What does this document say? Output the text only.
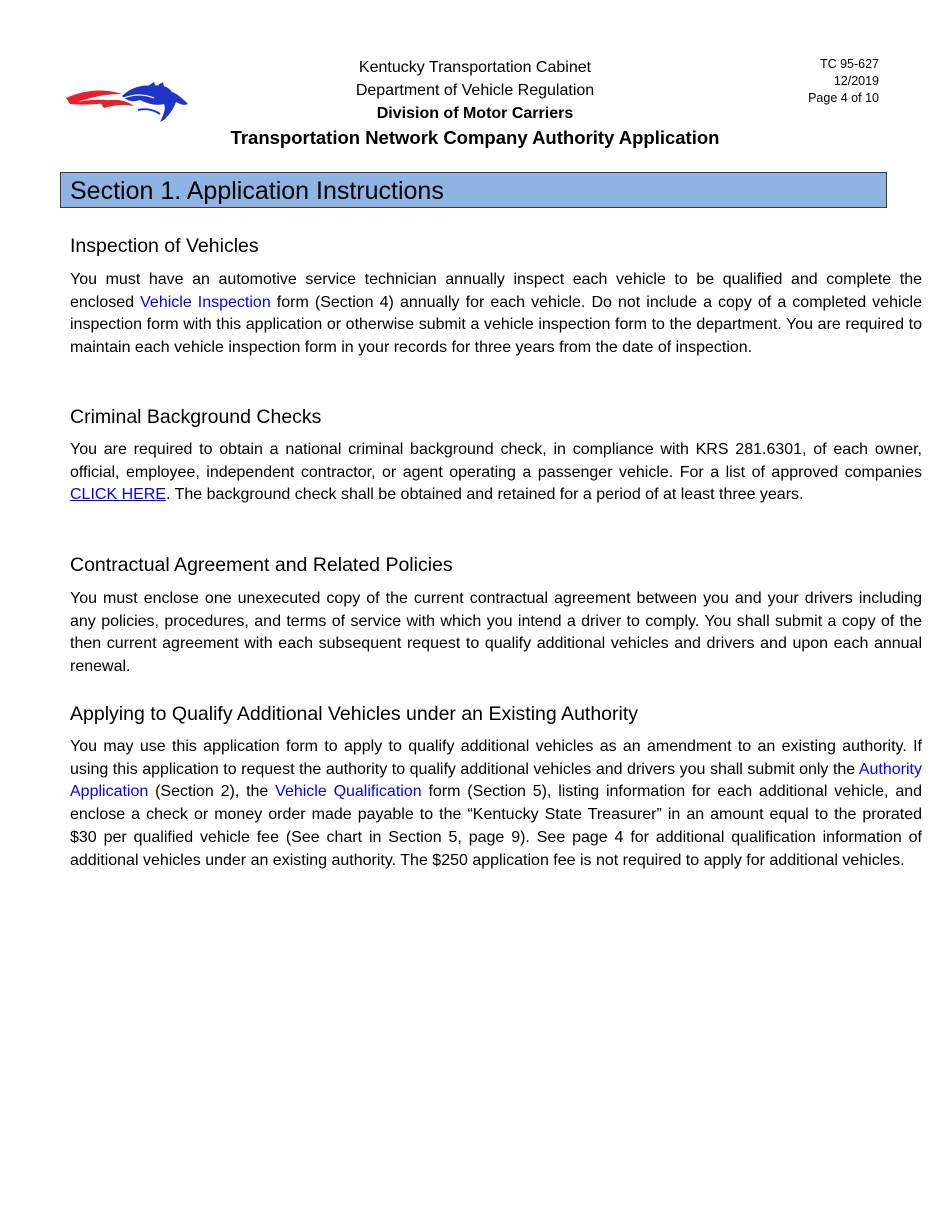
Kentucky Transportation Cabinet
Department of Vehicle Regulation
Division of Motor Carriers
Transportation Network Company Authority Application
TC 95-627
12/2019
Page 4 of 10
Section 1. Application Instructions
Inspection of Vehicles
You must have an automotive service technician annually inspect each vehicle to be qualified and complete the enclosed Vehicle Inspection form (Section 4) annually for each vehicle. Do not include a copy of a completed vehicle inspection form with this application or otherwise submit a vehicle inspection form to the department. You are required to maintain each vehicle inspection form in your records for three years from the date of inspection.
Criminal Background Checks
You are required to obtain a national criminal background check, in compliance with KRS 281.6301, of each owner, official, employee, independent contractor, or agent operating a passenger vehicle. For a list of approved companies CLICK HERE. The background check shall be obtained and retained for a period of at least three years.
Contractual Agreement and Related Policies
You must enclose one unexecuted copy of the current contractual agreement between you and your drivers including any policies, procedures, and terms of service with which you intend a driver to comply. You shall submit a copy of the then current agreement with each subsequent request to qualify additional vehicles and drivers and upon each annual renewal.
Applying to Qualify Additional Vehicles under an Existing Authority
You may use this application form to apply to qualify additional vehicles as an amendment to an existing authority. If using this application to request the authority to qualify additional vehicles and drivers you shall submit only the Authority Application (Section 2), the Vehicle Qualification form (Section 5), listing information for each additional vehicle, and enclose a check or money order made payable to the “Kentucky State Treasurer” in an amount equal to the prorated $30 per qualified vehicle fee (See chart in Section 5, page 9). See page 4 for additional qualification information of additional vehicles under an existing authority. The $250 application fee is not required to apply for additional vehicles.
